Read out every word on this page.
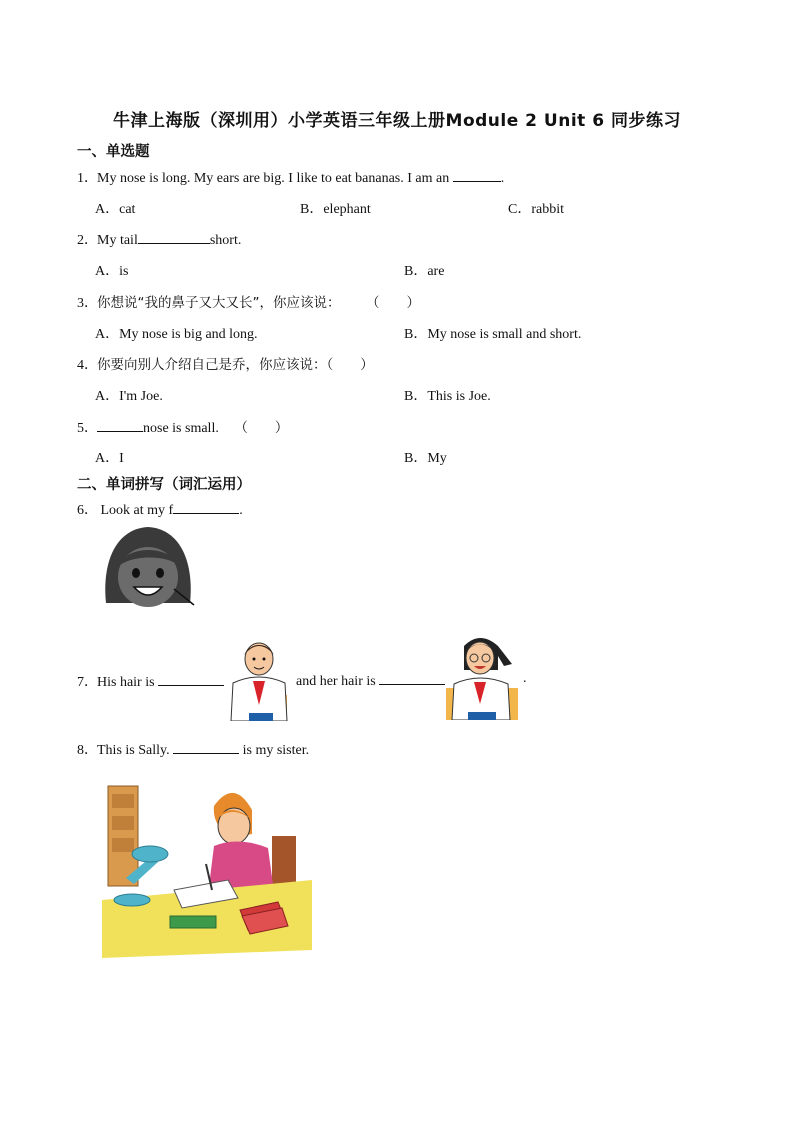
牛津上海版（深圳用）小学英语三年级上册Module 2 Unit 6 同步练习
一、单选题
1．My nose is long. My ears are big. I like to eat bananas. I am an	.
A．cat	B．elephant	C．rabbit
2．My tail	short.
A．is	B．are
3．你想说“我的鼻子又大又长”，你应该说： （　　）
A．My nose is big and long.	B．My nose is small and short.
4．你要向别人介绍自己是乔，你应该说：（　　）
A．I'm Joe.	B．This is Joe.
5．	nose is small. （　　）
A．I	B．My
二、单词拼写（词汇运用）
6． Look at my f	.
7．His hair is	and her hair is	.
8．This is Sally.	is my sister.
